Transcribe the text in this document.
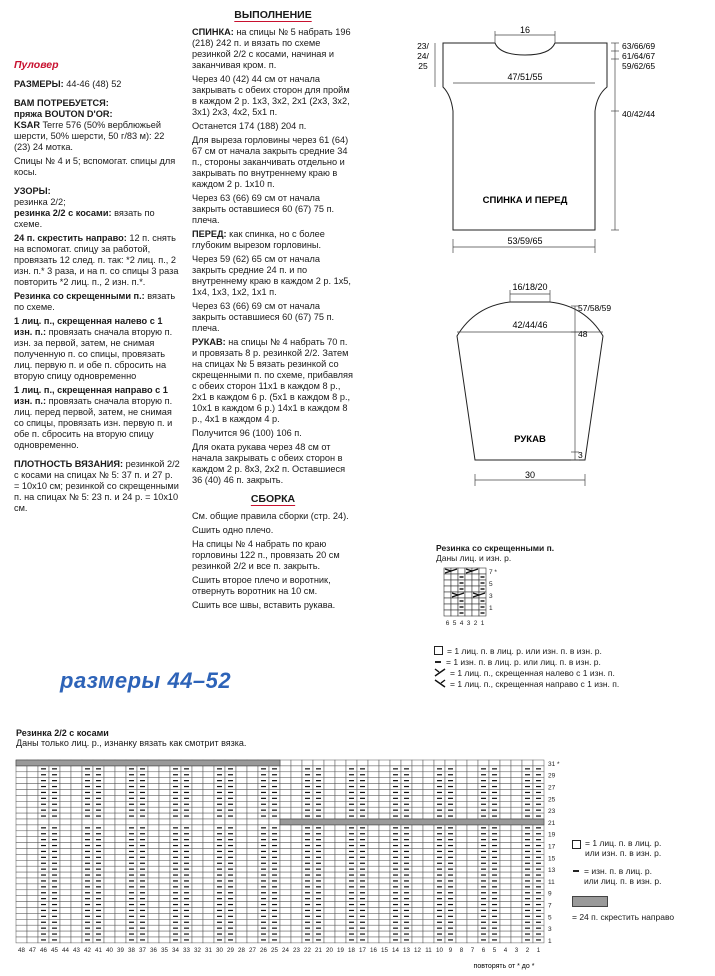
Пуловер

РАЗМЕРЫ: 44-46 (48) 52

ВАМ ПОТРЕБУЕТСЯ:

пряжа BOUTON D'OR:

KSAR Terre 576 (50% верблюжьей шерсти, 50% шерсти, 50 г/83 м): 22 (23) 24 мотка.

Спицы № 4 и 5; вспомогат. спицы для косы.

УЗОРЫ:

резинка 2/2;

резинка 2/2 с косами: вязать по схеме.

24 п. скрестить направо: 12 п. снять на вспомогат. спицу за работой, провязать 12 след. п. так: *2 лиц. п., 2 изн. п.* 3 раза, и на п. со спицы 3 раза повторить *2 лиц. п., 2 изн. п.*.

Резинка со скрещенными п.: вязать по схеме.

1 лиц. п., скрещенная налево с 1 изн. п.: провязать сначала вторую п. изн. за первой, затем, не снимая полученную п. со спицы, провязать лиц. первую п. и обе п. сбросить на вторую спицу одновременно

1 лиц. п., скрещенная направо с 1 изн. п.: провязать сначала вторую п. лиц. перед первой, затем, не снимая со спицы, провязать изн. первую п. и обе п. сбросить на вторую спицу одновременно.

ПЛОТНОСТЬ ВЯЗАНИЯ: резинкой 2/2 с косами на спицах № 5: 37 п. и 27 р. = 10x10 см; резинкой со скрещенными п. на спицах № 5: 23 п. и 24 р. = 10x10 см.

ВЫПОЛНЕНИЕ

СПИНКА: на спицы № 5 набрать 196 (218) 242 п. и вязать по схеме резинкой 2/2 с косами, начиная и заканчивая кром. п.

Через 40 (42) 44 см от начала закрывать с обеих сторон для пройм в каждом 2 р. 1x3, 3x2, 2x1 (2x3, 3x2, 3x1) 2x3, 4x2, 5x1 п.

Останется 174 (188) 204 п.

Для выреза горловины через 61 (64) 67 см от начала закрыть средние 34 п., стороны заканчивать отдельно и закрывать по внутреннему краю в каждом 2 р. 1x10 п.

Через 63 (66) 69 см от начала закрыть оставшиеся 60 (67) 75 п. плеча.

ПЕРЕД: как спинка, но с более глубоким вырезом горловины.

Через 59 (62) 65 см от начала закрыть средние 24 п. и по внутреннему краю в каждом 2 р. 1x5, 1x4, 1x3, 1x2, 1x1 п.

Через 63 (66) 69 см от начала закрыть оставшиеся 60 (67) 75 п. плеча.

РУКАВ: на спицы № 4 набрать 70 п. и провязать 8 р. резинкой 2/2. Затем на спицах № 5 вязать резинкой со скрещенными п. по схеме, прибавляя с обеих сторон 11x1 в каждом 8 р., 2x1 в каждом 6 р. (5x1 в каждом 8 р., 10x1 в каждом 6 р.) 14x1 в каждом 8 р., 4x1 в каждом 4 р.

Получится 96 (100) 106 п.

Для оката рукава через 48 см от начала закрывать с обеих сторон в каждом 2 р. 8x3, 2x2 п. Оставшиеся 36 (40) 46 п. закрыть.

СБОРКА

См. общие правила сборки (стр. 24).

Сшить одно плечо.

На спицы № 4 набрать по краю горловины 122 п., провязать 20 см резинкой 2/2 и все п. закрыть.

Сшить второе плечо и воротник, отвернуть воротник на 10 см.

Сшить все швы, вставить рукава.

16
23/
24/
25
47/51/55
63/66/69
61/64/67
59/62/65
40/42/44
СПИНКА И ПЕРЕД
53/59/65
16/18/20
42/44/46
57/58/59
48
РУКАВ
3
30
Резинка со скрещенными п.
Даны лиц. и изн. р.
7 *
5
3
1
6 5 4 3 2 1
= 1 лиц. п. в лиц. р. или изн. п. в изн. р.
= 1 изн. п. в лиц. р. или лиц. п. в изн. р.
= 1 лиц. п., скрещенная налево с 1 изн. п.
= 1 лиц. п., скрещенная направо с 1 изн. п.
размеры 44–52
Резинка 2/2 с косами
Даны только лиц. р., изнанку вязать как смотрит вязка.
31 *
29
27
25
23
21
19
17
15
13
11
9
7
5
3
1
48 47 46 45 44 43 42 41 40 39 38 37 36 35 34 33 32 31 30 29 28 27 26 25 24 23 22 21 20 19 18 17 16 15 14 13 12 11 10 9 8 7 6 5 4 3 2 1
повторять от * до *
= 1 лиц. п. в лиц. р.
или изн. п. в изн. р.
= изн. п. в лиц. р.
или лиц. п. в изн. р.
= 24 п. скрестить направо
